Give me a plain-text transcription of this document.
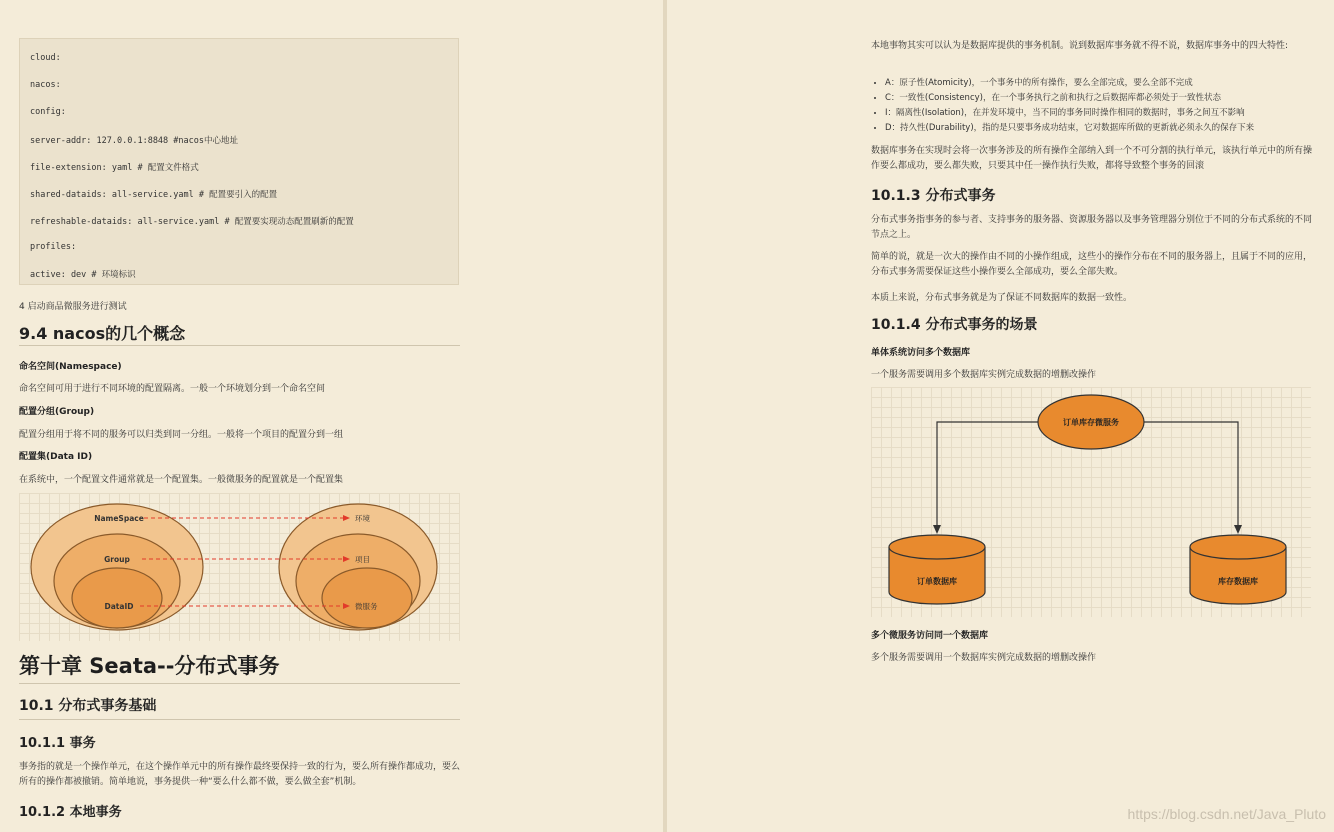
cloud:
nacos:
config:
server-addr: 127.0.0.1:8848 #nacos中心地址
file-extension: yaml # 配置文件格式
shared-dataids: all-service.yaml # 配置要引入的配置
refreshable-dataids: all-service.yaml # 配置要实现动态配置刷新的配置
profiles:
active: dev # 环境标识
4 启动商品微服务进行测试
9.4 nacos的几个概念
命名空间(Namespace)
命名空间可用于进行不同环境的配置隔离。一般一个环境划分到一个命名空间
配置分组(Group)
配置分组用于将不同的服务可以归类到同一分组。一般将一个项目的配置分到一组
配置集(Data ID)
在系统中，一个配置文件通常就是一个配置集。一般微服务的配置就是一个配置集
NameSpace
Group
DataID
环境
项目
微服务
第十章 Seata--分布式事务
10.1 分布式事务基础
10.1.1 事务
事务指的就是一个操作单元，在这个操作单元中的所有操作最终要保持一致的行为，要么所有操作都成功，要么所有的操作都被撤销。简单地说，事务提供一种“要么什么都不做，要么做全套”机制。
10.1.2 本地事务
本地事物其实可以认为是数据库提供的事务机制。说到数据库事务就不得不说，数据库事务中的四大特性:
• A：原子性(Atomicity)，一个事务中的所有操作，要么全部完成，要么全部不完成
• C：一致性(Consistency)，在一个事务执行之前和执行之后数据库都必须处于一致性状态
• I：隔离性(Isolation)，在并发环境中，当不同的事务同时操作相同的数据时，事务之间互不影响
• D：持久性(Durability)，指的是只要事务成功结束，它对数据库所做的更新就必须永久的保存下来
数据库事务在实现时会将一次事务涉及的所有操作全部纳入到一个不可分割的执行单元，该执行单元中的所有操作要么都成功，要么都失败，只要其中任一操作执行失败，都将导致整个事务的回滚
10.1.3 分布式事务
分布式事务指事务的参与者、支持事务的服务器、资源服务器以及事务管理器分别位于不同的分布式系统的不同节点之上。
简单的说，就是一次大的操作由不同的小操作组成，这些小的操作分布在不同的服务器上，且属于不同的应用，分布式事务需要保证这些小操作要么全部成功，要么全部失败。
本质上来说，分布式事务就是为了保证不同数据库的数据一致性。
10.1.4 分布式事务的场景
单体系统访问多个数据库
一个服务需要调用多个数据库实例完成数据的增删改操作
订单库存微服务
订单数据库	库存数据库
多个微服务访问同一个数据库
多个服务需要调用一个数据库实例完成数据的增删改操作
https://blog.csdn.net/Java_Pluto
